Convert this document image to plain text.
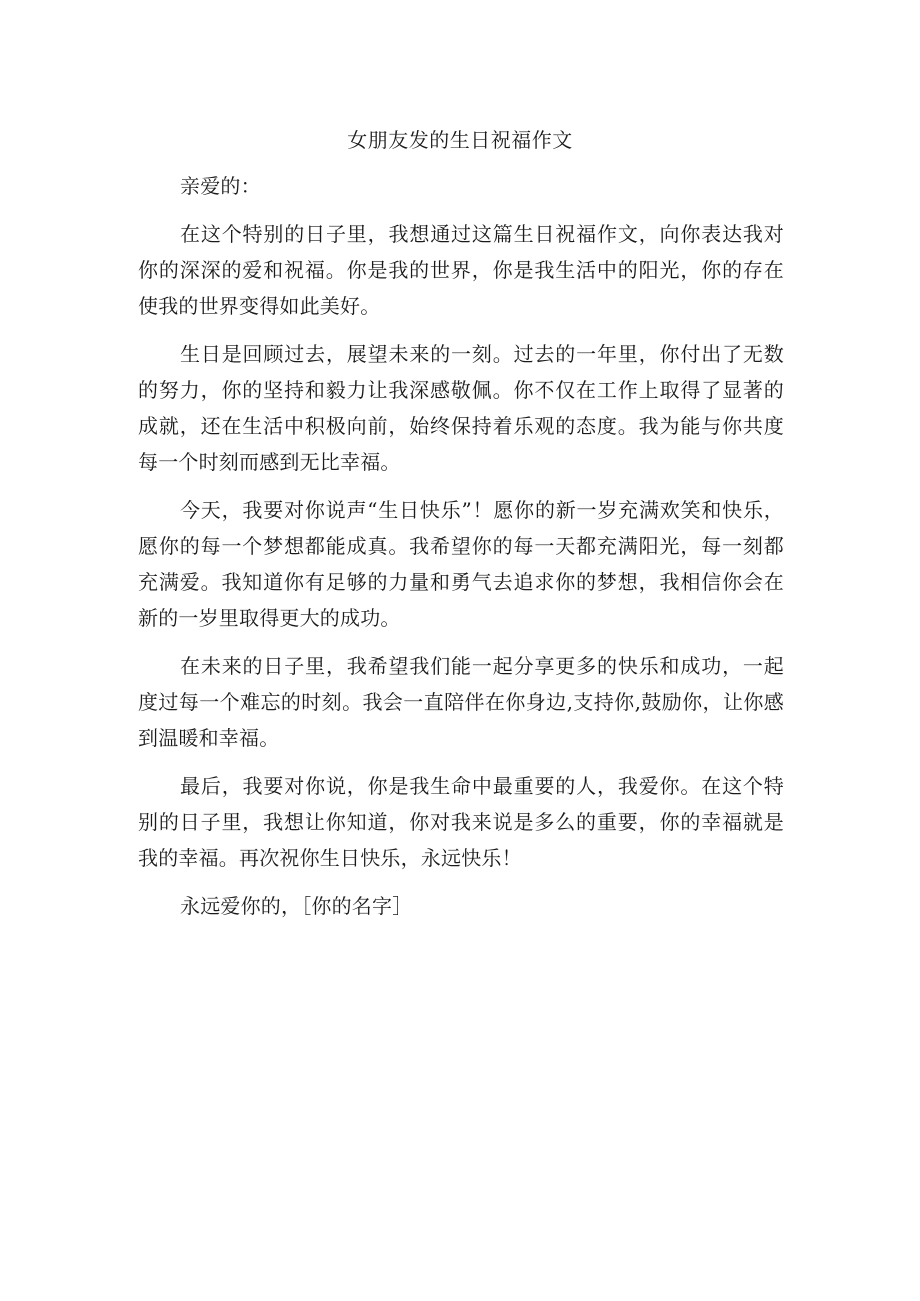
女朋友发的生日祝福作文

亲爱的：

在这个特别的日子里，我想通过这篇生日祝福作文，向你表达我对你的深深的爱和祝福。你是我的世界，你是我生活中的阳光，你的存在使我的世界变得如此美好。

生日是回顾过去，展望未来的一刻。过去的一年里，你付出了无数的努力，你的坚持和毅力让我深感敬佩。你不仅在工作上取得了显著的成就，还在生活中积极向前，始终保持着乐观的态度。我为能与你共度每一个时刻而感到无比幸福。

今天，我要对你说声“生日快乐”！愿你的新一岁充满欢笑和快乐，愿你的每一个梦想都能成真。我希望你的每一天都充满阳光，每一刻都充满爱。我知道你有足够的力量和勇气去追求你的梦想，我相信你会在新的一岁里取得更大的成功。

在未来的日子里，我希望我们能一起分享更多的快乐和成功，一起度过每一个难忘的时刻。我会一直陪伴在你身边,支持你,鼓励你，让你感到温暖和幸福。

最后，我要对你说，你是我生命中最重要的人，我爱你。在这个特别的日子里，我想让你知道，你对我来说是多么的重要，你的幸福就是我的幸福。再次祝你生日快乐，永远快乐！

永远爱你的，［你的名字］
